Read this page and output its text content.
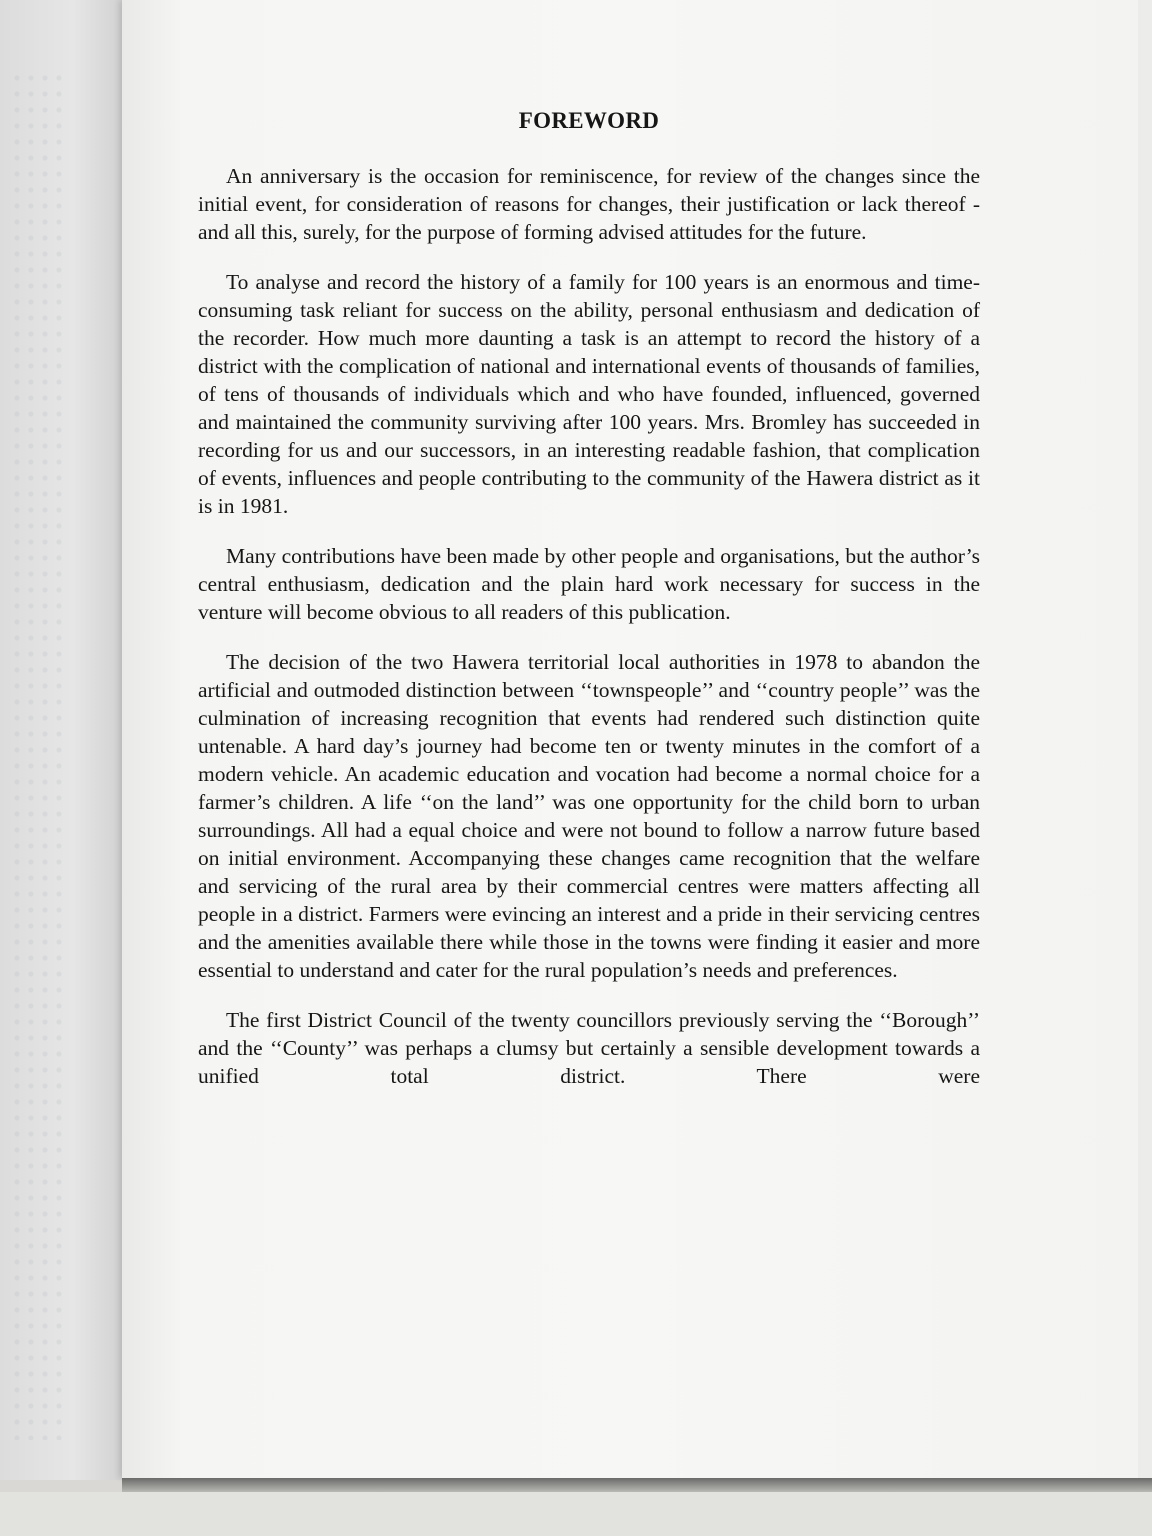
FOREWORD

An anniversary is the occasion for reminiscence, for review of the changes since the initial event, for consideration of reasons for changes, their justification or lack thereof - and all this, surely, for the purpose of forming advised attitudes for the future.

To analyse and record the history of a family for 100 years is an enormous and time-consuming task reliant for success on the ability, personal enthusiasm and dedication of the recorder. How much more daunting a task is an attempt to record the history of a district with the complication of national and international events of thousands of families, of tens of thousands of individuals which and who have founded, influenced, governed and maintained the community surviving after 100 years. Mrs. Bromley has succeeded in recording for us and our successors, in an interesting readable fashion, that complication of events, influences and people contributing to the community of the Hawera district as it is in 1981.

Many contributions have been made by other people and organisations, but the author’s central enthusiasm, dedication and the plain hard work necessary for success in the venture will become obvious to all readers of this publication.

The decision of the two Hawera territorial local authorities in 1978 to abandon the artificial and outmoded distinction between ‘‘townspeople’’ and ‘‘country people’’ was the culmination of increasing recognition that events had rendered such distinction quite untenable. A hard day’s journey had become ten or twenty minutes in the comfort of a modern vehicle. An academic education and vocation had become a normal choice for a farmer’s children. A life ‘‘on the land’’ was one opportunity for the child born to urban surroundings. All had a equal choice and were not bound to follow a narrow future based on initial environment. Accompanying these changes came recognition that the welfare and servicing of the rural area by their commercial centres were matters affecting all people in a district. Farmers were evincing an interest and a pride in their servicing centres and the amenities available there while those in the towns were finding it easier and more essential to understand and cater for the rural population’s needs and preferences.

The first District Council of the twenty councillors previously serving the ‘‘Borough’’ and the ‘‘County’’ was perhaps a clumsy but certainly a sensible development towards a unified total district. There were
